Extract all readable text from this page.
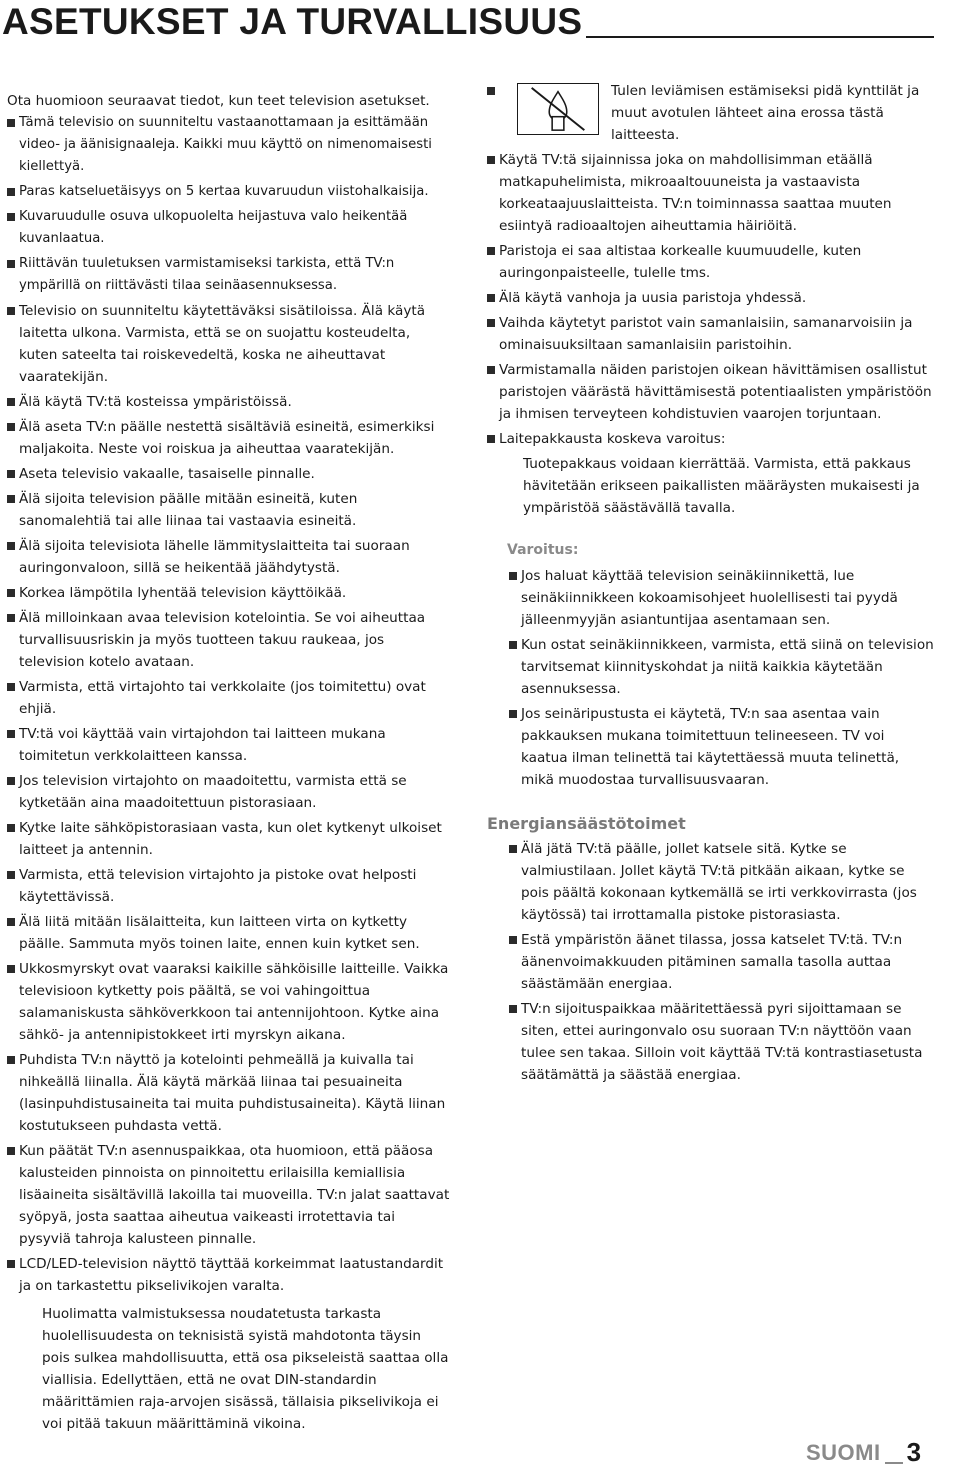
ASETUKSET JA TURVALLISUUS

Ota huomioon seuraavat tiedot, kun teet television asetukset.

Tämä televisio on suunniteltu vastaanottamaan ja esittämään video- ja äänisignaaleja. Kaikki muu käyttö on nimenomaisesti kiellettyä.
Paras katseluetäisyys on 5 kertaa kuvaruudun viistohalkaisija.
Kuvaruudulle osuva ulkopuolelta heijastuva valo heikentää kuvanlaatua.
Riittävän tuuletuksen varmistamiseksi tarkista, että TV:n ympärillä on riittävästi tilaa seinäasennuksessa.
Televisio on suunniteltu käytettäväksi sisätiloissa. Älä käytä laitetta ulkona. Varmista, että se on suojattu kosteudelta, kuten sateelta tai roiskevedeltä, koska ne aiheuttavat vaaratekijän.
Älä käytä TV:tä kosteissa ympäristöissä.
Älä aseta TV:n päälle nestettä sisältäviä esineitä, esimerkiksi maljakoita. Neste voi roiskua ja aiheuttaa vaaratekijän.
Aseta televisio vakaalle, tasaiselle pinnalle.
Älä sijoita television päälle mitään esineitä, kuten sanomalehtiä tai alle liinaa tai vastaavia esineitä.
Älä sijoita televisiota lähelle lämmityslaitteita tai suoraan auringonvaloon, sillä se heikentää jäähdytystä.
Korkea lämpötila lyhentää television käyttöikää.
Älä milloinkaan avaa television kotelointia. Se voi aiheuttaa turvallisuusriskin ja myös tuotteen takuu raukeaa, jos television kotelo avataan.
Varmista, että virtajohto tai verkkolaite (jos toimitettu) ovat ehjiä.
TV:tä voi käyttää vain virtajohdon tai laitteen mukana toimitetun verkkolaitteen kanssa.
Jos television virtajohto on maadoitettu, varmista että se kytketään aina maadoitettuun pistorasiaan.
Kytke laite sähköpistorasiaan vasta, kun olet kytkenyt ulkoiset laitteet ja antennin.
Varmista, että television virtajohto ja pistoke ovat helposti käytettävissä.
Älä liitä mitään lisälaitteita, kun laitteen virta on kytketty päälle. Sammuta myös toinen laite, ennen kuin kytket sen.
Ukkosmyrskyt ovat vaaraksi kaikille sähköisille laitteille. Vaikka televisioon kytketty pois päältä, se voi vahingoittua salamaniskusta sähköverkkoon tai antennijohtoon. Kytke aina sähkö- ja antennipistokkeet irti myrskyn aikana.
Puhdista TV:n näyttö ja kotelointi pehmeällä ja kuivalla tai nihkeällä liinalla. Älä käytä märkää liinaa tai pesuaineita (lasinpuhdistusaineita tai muita puhdistusaineita). Käytä liinan kostutukseen puhdasta vettä.
Kun päätät TV:n asennuspaikkaa, ota huomioon, että pääosa kalusteiden pinnoista on pinnoitettu erilaisilla kemiallisia lisäaineita sisältävillä lakoilla tai muoveilla. TV:n jalat saattavat syöpyä, josta saattaa aiheutua vaikeasti irrotettavia tai pysyviä tahroja kalusteen pinnalle.
LCD/LED-television näyttö täyttää korkeimmat laatustandardit ja on tarkastettu pikselivikojen varalta.

Huolimatta valmistuksessa noudatetusta tarkasta huolellisuudesta on teknisistä syistä mahdotonta täysin pois sulkea mahdollisuutta, että osa pikseleistä saattaa olla viallisia. Edellyttäen, että ne ovat DIN-standardin määrittämien raja-arvojen sisässä, tällaisia pikselivikoja ei voi pitää takuun määrittäminä vikoina.

Tulen leviämisen estämiseksi pidä kynttilät ja muut avotulen lähteet aina erossa tästä laitteesta.
Käytä TV:tä sijainnissa joka on mahdollisimman etäällä matkapuhelimista, mikroaaltouuneista ja vastaavista korkeataajuuslaitteista. TV:n toiminnassa saattaa muuten esiintyä radioaaltojen aiheuttamia häiriöitä.
Paristoja ei saa altistaa korkealle kuumuudelle, kuten auringonpaisteelle, tulelle tms.
Älä käytä vanhoja ja uusia paristoja yhdessä.
Vaihda käytetyt paristot vain samanlaisiin, samanarvoisiin ja ominaisuuksiltaan samanlaisiin paristoihin.
Varmistamalla näiden paristojen oikean hävittämisen osallistut paristojen väärästä hävittämisestä potentiaalisten ympäristöön ja ihmisen terveyteen kohdistuvien vaarojen torjuntaan.
Laitepakkausta koskeva varoitus:

Tuotepakkaus voidaan kierrättää. Varmista, että pakkaus hävitetään erikseen paikallisten määräysten mukaisesti ja ympäristöä säästävällä tavalla.

Varoitus:
Jos haluat käyttää television seinäkiinnikettä, lue seinäkiinnikkeen kokoamisohjeet huolellisesti tai pyydä jälleenmyyjän asiantuntijaa asentamaan sen.
Kun ostat seinäkiinnikkeen, varmista, että siinä on television tarvitsemat kiinnityskohdat ja niitä kaikkia käytetään asennuksessa.
Jos seinäripustusta ei käytetä, TV:n saa asentaa vain pakkauksen mukana toimitettuun telineeseen. TV voi kaatua ilman telinettä tai käytettäessä muuta telinettä, mikä muodostaa turvallisuusvaaran.
Energiansäästötoimet
Älä jätä TV:tä päälle, jollet katsele sitä. Kytke se valmiustilaan. Jollet käytä TV:tä pitkään aikaan, kytke se pois päältä kokonaan kytkemällä se irti verkkovirrasta (jos käytössä) tai irrottamalla pistoke pistorasiasta.
Estä ympäristön äänet tilassa, jossa katselet TV:tä. TV:n äänenvoimakkuuden pitäminen samalla tasolla auttaa säästämään energiaa.
TV:n sijoituspaikkaa määritettäessä pyri sijoittamaan se siten, ettei auringonvalo osu suoraan TV:n näyttöön vaan tulee sen takaa. Silloin voit käyttää TV:tä kontrastiasetusta säätämättä ja säästää energiaa.
SUOMI 3
